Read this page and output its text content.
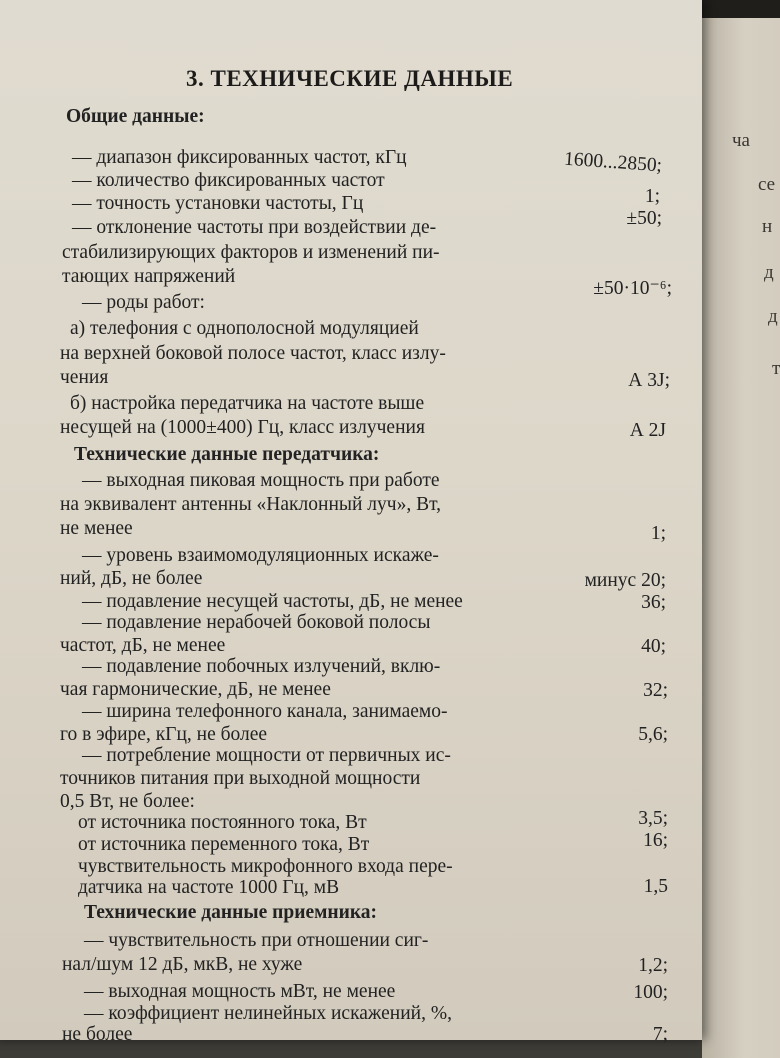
ча
се
н
д
д
т
3. ТЕХНИЧЕСКИЕ ДАННЫЕ
Общие данные:
— диапазон фиксированных частот, кГц
— количество фиксированных частот
— точность установки частоты, Гц
— отклонение частоты при воздействии де-
стабилизирующих факторов и изменений пи-
тающих напряжений
— роды работ:
а) телефония с однополосной модуляцией
на верхней боковой полосе частот, класс излу-
чения
б) настройка передатчика на частоте выше
несущей на (1000±400) Гц, класс излучения
1600...2850;
1;
±50;
±50·10⁻⁶;
А 3J;
А 2J
Технические данные передатчика:
— выходная пиковая мощность при работе
на эквивалент антенны «Наклонный луч», Вт,
не менее
— уровень взаимомодуляционных искаже-
ний, дБ, не более
— подавление несущей частоты, дБ, не менее
— подавление нерабочей боковой полосы
частот, дБ, не менее
— подавление побочных излучений, вклю-
чая гармонические, дБ, не менее
— ширина телефонного канала, занимаемо-
го в эфире, кГц, не более
— потребление мощности от первичных ис-
точников питания при выходной мощности
0,5 Вт, не более:
от источника постоянного тока, Вт
от источника переменного тока, Вт
чувствительность микрофонного входа пере-
датчика на частоте 1000 Гц, мВ
1;
минус 20;
36;
40;
32;
5,6;
3,5;
16;
1,5
Технические данные приемника:
— чувствительность при отношении сиг-
нал/шум 12 дБ, мкВ, не хуже
— выходная мощность мВт, не менее
— коэффициент нелинейных искажений, %,
не более
1,2;
100;
7;
